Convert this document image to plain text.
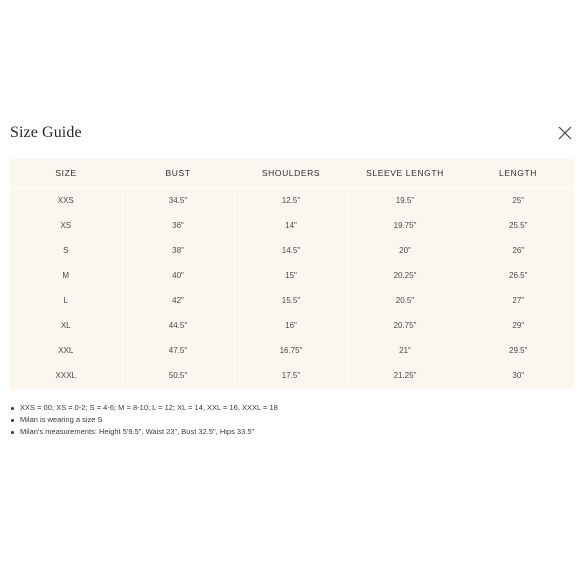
Size Guide
SIZE	BUST	SHOULDERS	SLEEVE LENGTH	LENGTH
XXS	34.5"	12.5"	19.5"	25"
XS	36"	14"	19.75"	25.5"
S	38"	14.5"	20"	26"
M	40"	15"	20.25"	26.5"
L	42"	15.5"	20.5"	27"
XL	44.5"	16"	20.75"	29"
XXL	47.5"	16.75"	21"	29.5"
XXXL	50.5"	17.5"	21.25"	30"
XXS = 00; XS = 0-2; S = 4-6; M = 8-10; L = 12; XL = 14, XXL = 16, XXXL = 18
Milan is wearing a size S
Milan's measurements: Height 5'9.5", Waist 23", Bust 32.5", Hips 33.5"
